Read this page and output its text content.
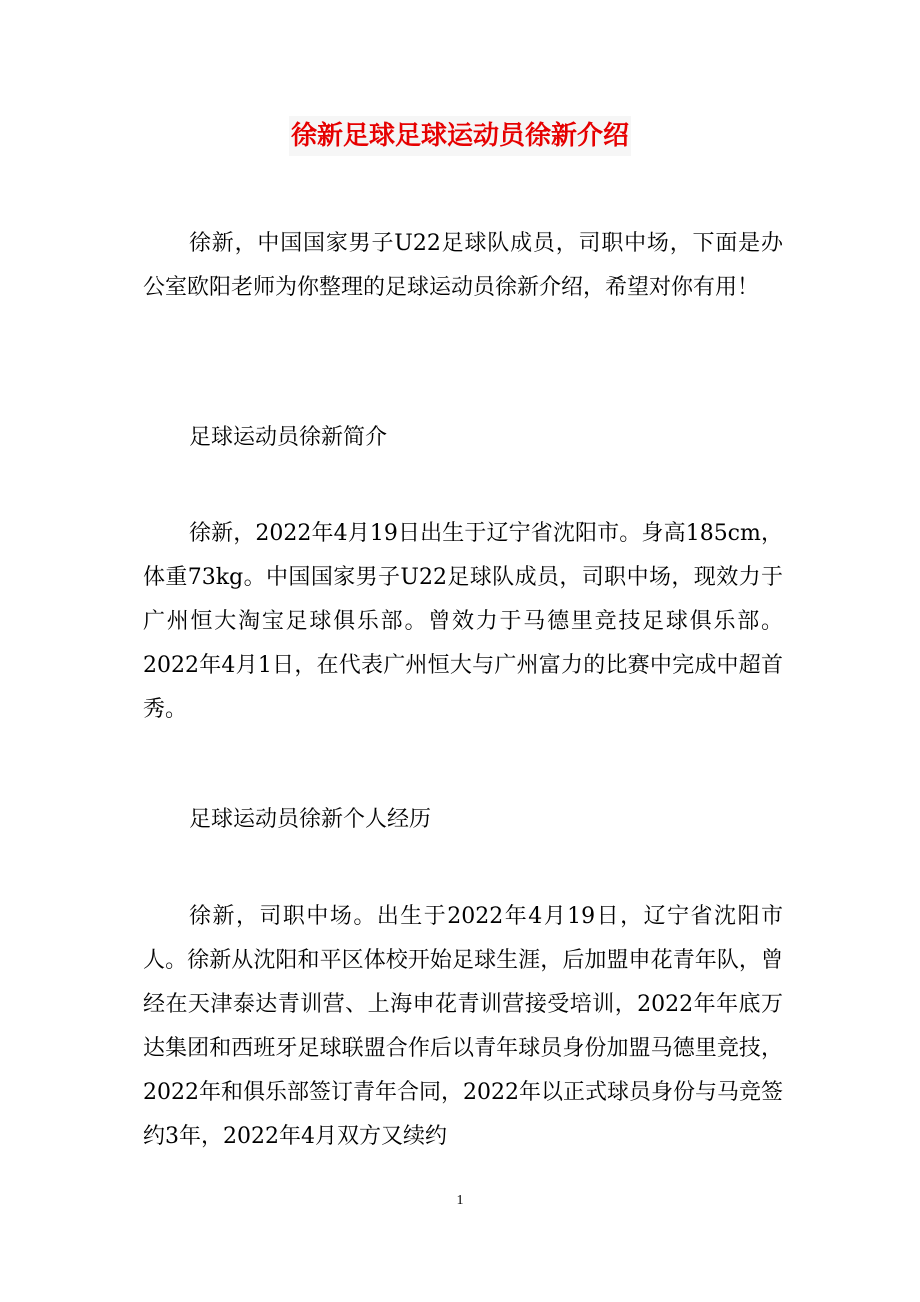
徐新足球足球运动员徐新介绍

徐新，中国国家男子U22足球队成员，司职中场，下面是办公室欧阳老师为你整理的足球运动员徐新介绍，希望对你有用！

足球运动员徐新简介

徐新，2022年4月19日出生于辽宁省沈阳市。身高185cm，体重73kg。中国国家男子U22足球队成员，司职中场，现效力于广州恒大淘宝足球俱乐部。曾效力于马德里竞技足球俱乐部。2022年4月1日，在代表广州恒大与广州富力的比赛中完成中超首秀。

足球运动员徐新个人经历

徐新，司职中场。出生于2022年4月19日，辽宁省沈阳市人。徐新从沈阳和平区体校开始足球生涯，后加盟申花青年队，曾经在天津泰达青训营、上海申花青训营接受培训，2022年年底万达集团和西班牙足球联盟合作后以青年球员身份加盟马德里竞技，2022年和俱乐部签订青年合同，2022年以正式球员身份与马竞签约3年，2022年4月双方又续约

1
